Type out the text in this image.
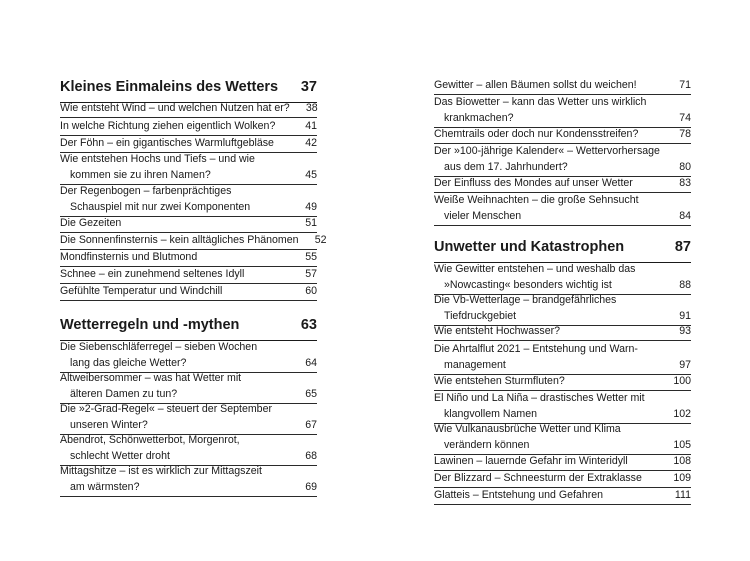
Kleines Einmaleins des Wetters 37
Wie entsteht Wind – und welchen Nutzen hat er?	38
In welche Richtung ziehen eigentlich Wolken?	41
Der Föhn – ein gigantisches Warmluftgebläse	42
Wie entstehen Hochs und Tiefs – und wie
kommen sie zu ihren Namen?	45
Der Regenbogen – farbenprächtiges
Schauspiel mit nur zwei Komponenten	49
Die Gezeiten	51
Die Sonnenfinsternis – kein alltägliches Phänomen	52
Mondfinsternis und Blutmond	55
Schnee – ein zunehmend seltenes Idyll	57
Gefühlte Temperatur und Windchill	60
Wetterregeln und -mythen	63
Die Siebenschläferregel – sieben Wochen
lang das gleiche Wetter?	64
Altweibersommer – was hat Wetter mit
älteren Damen zu tun?	65
Die »2-Grad-Regel« – steuert der September
unseren Winter?	67
Abendrot, Schönwetterbot, Morgenrot,
schlecht Wetter droht	68
Mittagshitze – ist es wirklich zur Mittagszeit
am wärmsten?	69
Gewitter – allen Bäumen sollst du weichen!	71
Das Biowetter – kann das Wetter uns wirklich
krankmachen?	74
Chemtrails oder doch nur Kondensstreifen?	78
Der »100-jährige Kalender« – Wettervorhersage
aus dem 17. Jahrhundert?	80
Der Einfluss des Mondes auf unser Wetter	83
Weiße Weihnachten – die große Sehnsucht
vieler Menschen	84
Unwetter und Katastrophen	87
Wie Gewitter entstehen – und weshalb das
»Nowcasting« besonders wichtig ist	88
Die Vb-Wetterlage – brandgefährliches
Tiefdruckgebiet	91
Wie entsteht Hochwasser?	93
Die Ahrtalflut 2021 – Entstehung und Warn-
management	97
Wie entstehen Sturmfluten?	100
El Niño und La Niña – drastisches Wetter mit
klangvollem Namen	102
Wie Vulkanausbrüche Wetter und Klima
verändern können	105
Lawinen – lauernde Gefahr im Winteridyll	108
Der Blizzard – Schneesturm der Extraklasse	109
Glatteis – Entstehung und Gefahren	111
